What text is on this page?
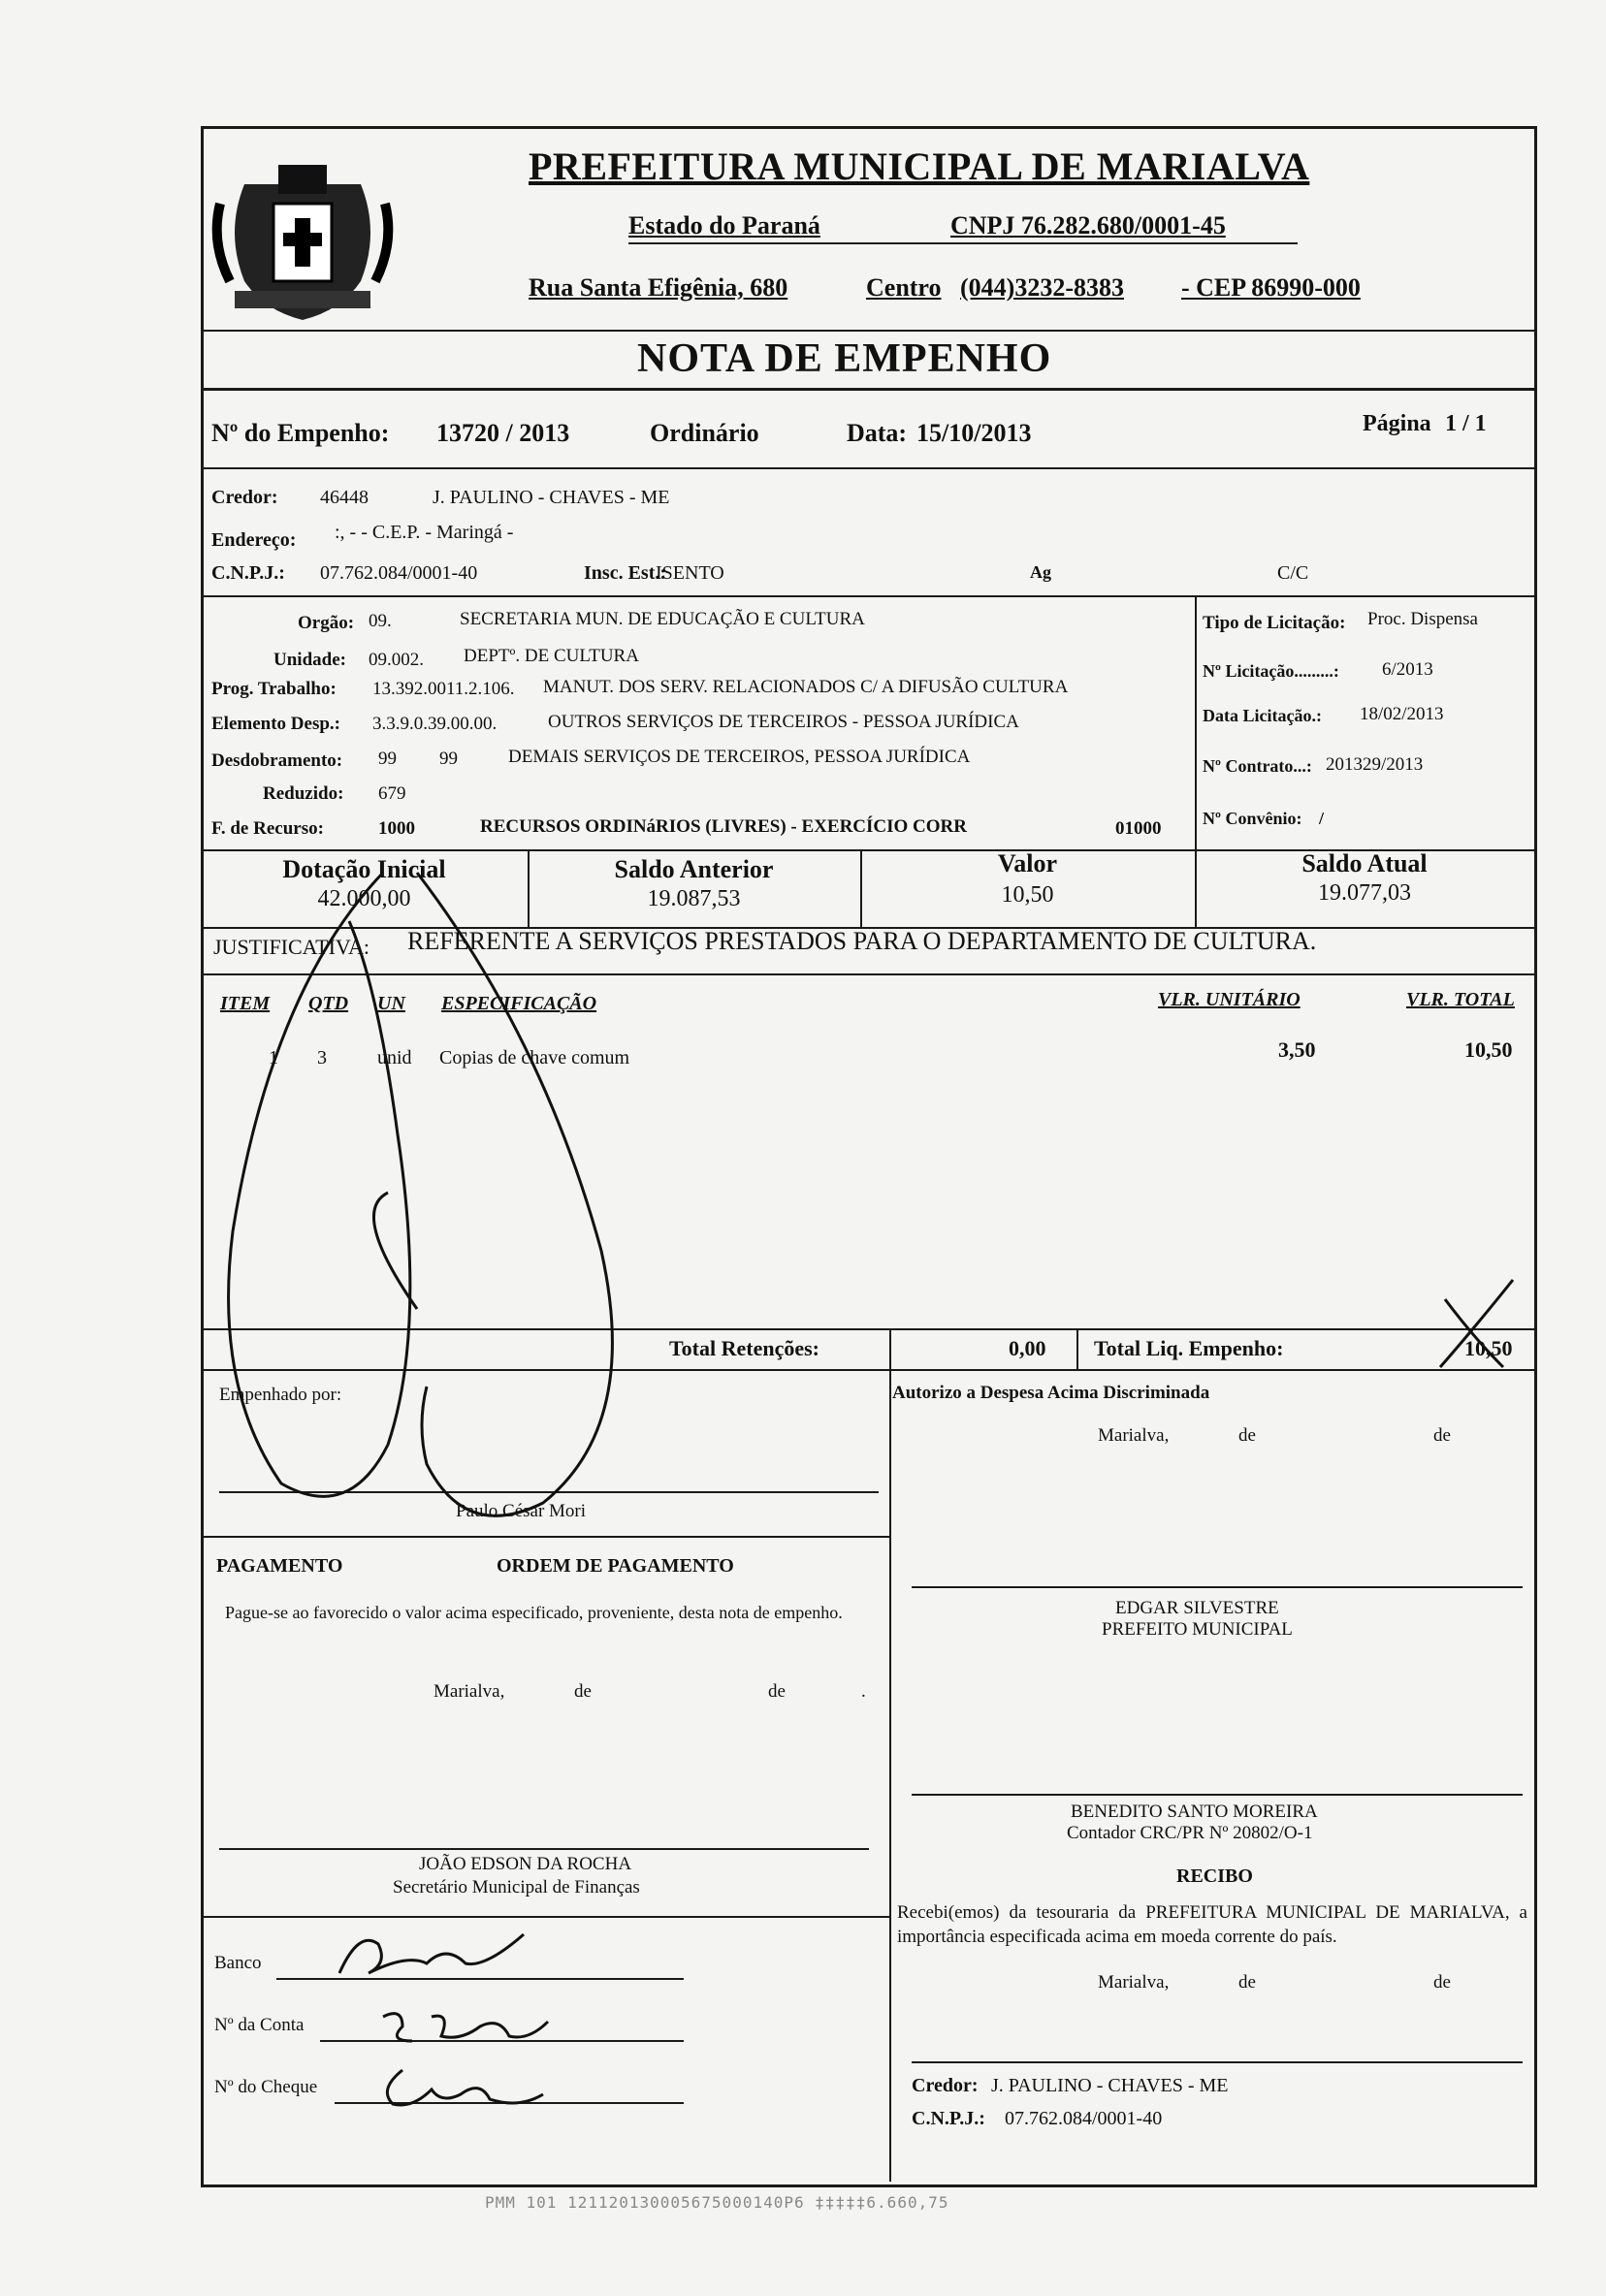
PREFEITURA MUNICIPAL DE MARIALVA
Estado do Paraná	CNPJ 76.282.680/0001-45
Rua Santa Efigênia, 680	Centro (044)3232-8383 - CEP 86990-000
NOTA DE EMPENHO
Nº do Empenho: 13720 / 2013	Ordinário	Data: 15/10/2013	Página 1 / 1
Credor: 46448	J. PAULINO - CHAVES - ME
Endereço: :, - - C.E.P. - Maringá -
C.N.P.J.: 07.762.084/0001-40	Insc. Est.:
ISENTO	Ag	C/C
Orgão: 09.	SECRETARIA MUN. DE EDUCAÇÃO E CULTURA
Unidade: 09.002. DEPTº. DE CULTURA
Prog. Trabalho: 13.392.0011.2.106. MANUT. DOS SERV. RELACIONADOS C/ A DIFUSÃO CULTURA
Elemento Desp.: 3.3.9.0.39.00.00.	OUTROS SERVIÇOS DE TERCEIROS - PESSOA JURÍDICA
Desdobramento: 99 99	DEMAIS SERVIÇOS DE TERCEIROS, PESSOA JURÍDICA
Reduzido: 679
F. de Recurso:	1000	RECURSOS ORDINáRIOS (LIVRES) - EXERCÍCIO CORR	01000
Tipo de Licitação: Proc. Dispensa
Nº Licitação.........: 6/2013
Data Licitação.: 18/02/2013
Nº Contrato...: 201329/2013
Nº Convênio: /
Dotação Inicial
42.000,00
Saldo Anterior
19.087,53
Valor
10,50
Saldo Atual
19.077,03
JUSTIFICATIVA: REFERENTE A SERVIÇOS PRESTADOS PARA O DEPARTAMENTO DE CULTURA.
ITEM QTD UN ESPECIFICAÇÃO	VLR. UNITÁRIO	VLR. TOTAL
1 3	unid Copias de chave comum	3,50	10,50
Total Retenções:	0,00 Total Liq. Empenho:	10,50
Empenhado por:
Paulo César Mori
PAGAMENTO	ORDEM DE PAGAMENTO
Pague-se ao favorecido o valor acima especificado, proveniente, desta nota de empenho.
Marialva,	de	de	.
JOÃO EDSON DA ROCHA
Secretário Municipal de Finanças
Banco
Nº da Conta
Nº do Cheque
Autorizo a Despesa Acima Discriminada
Marialva,	de	de
EDGAR SILVESTRE
PREFEITO MUNICIPAL
BENEDITO SANTO MOREIRA
Contador CRC/PR Nº 20802/O-1
RECIBO
Recebi(emos) da tesouraria da PREFEITURA MUNICIPAL DE MARIALVA, a importância especificada acima em moeda corrente do país.
Marialva,	de	de
Credor: J. PAULINO - CHAVES - ME
C.N.P.J.: 07.762.084/0001-40
PMM 101 121120130005675000140P6 ‡‡‡‡‡6.660,75
